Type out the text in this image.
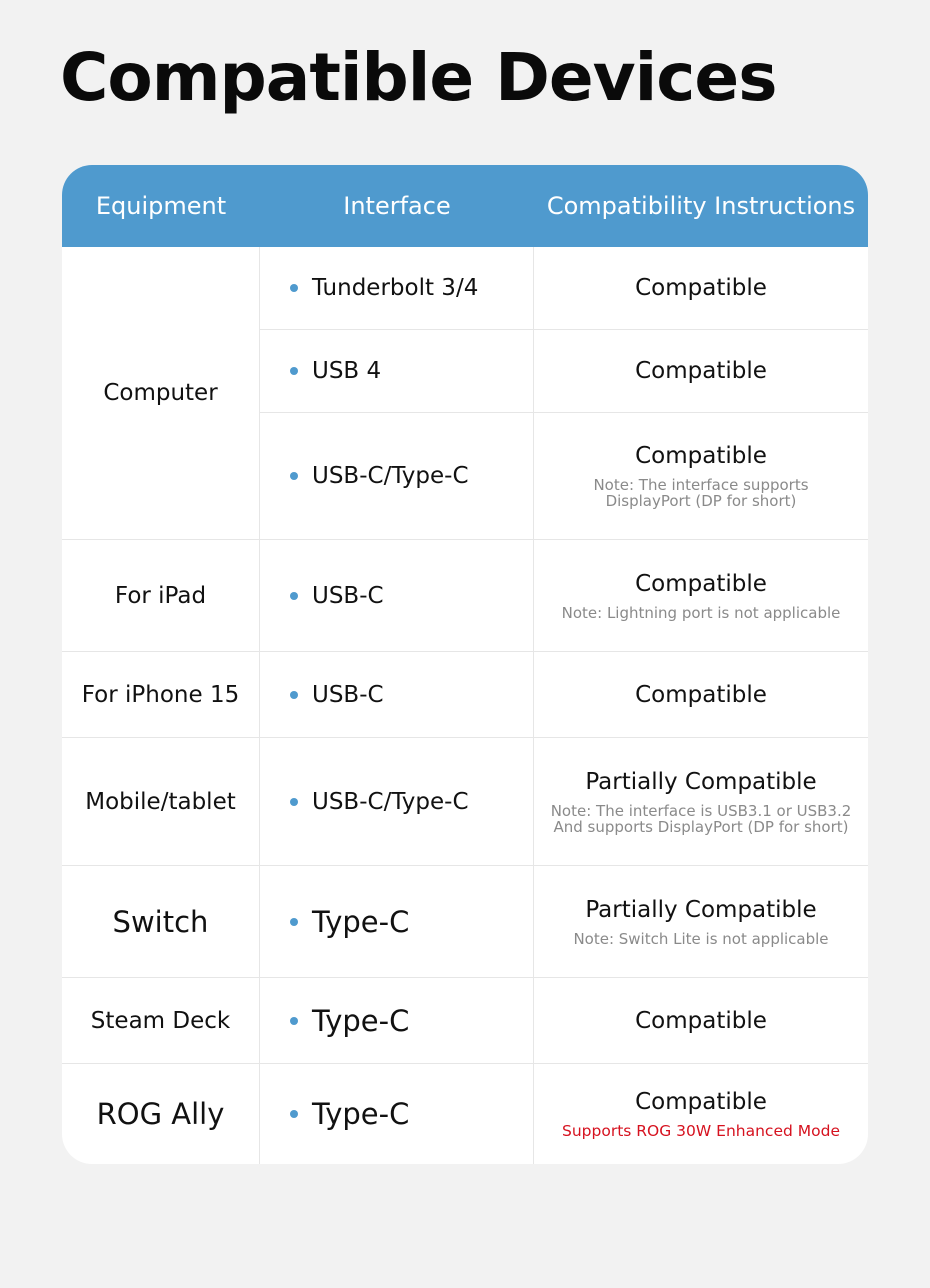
Compatible Devices
Equipment	Interface	Compatibility Instructions
Computer
For iPad
For iPhone 15
Mobile/tablet
Switch
Steam Deck
ROG Ally
Tunderbolt 3/4
USB 4
USB-C/Type-C
USB-C
USB-C
USB-C/Type-C
Type-C
Type-C
Type-C
Compatible
Compatible
Compatible
Note: The interface supports
DisplayPort (DP for short)
Compatible
Note: Lightning port is not applicable
Compatible
Partially Compatible
Note: The interface is USB3.1 or USB3.2
And supports DisplayPort (DP for short)
Partially Compatible
Note: Switch Lite is not applicable
Compatible
Compatible
Supports ROG 30W Enhanced Mode
